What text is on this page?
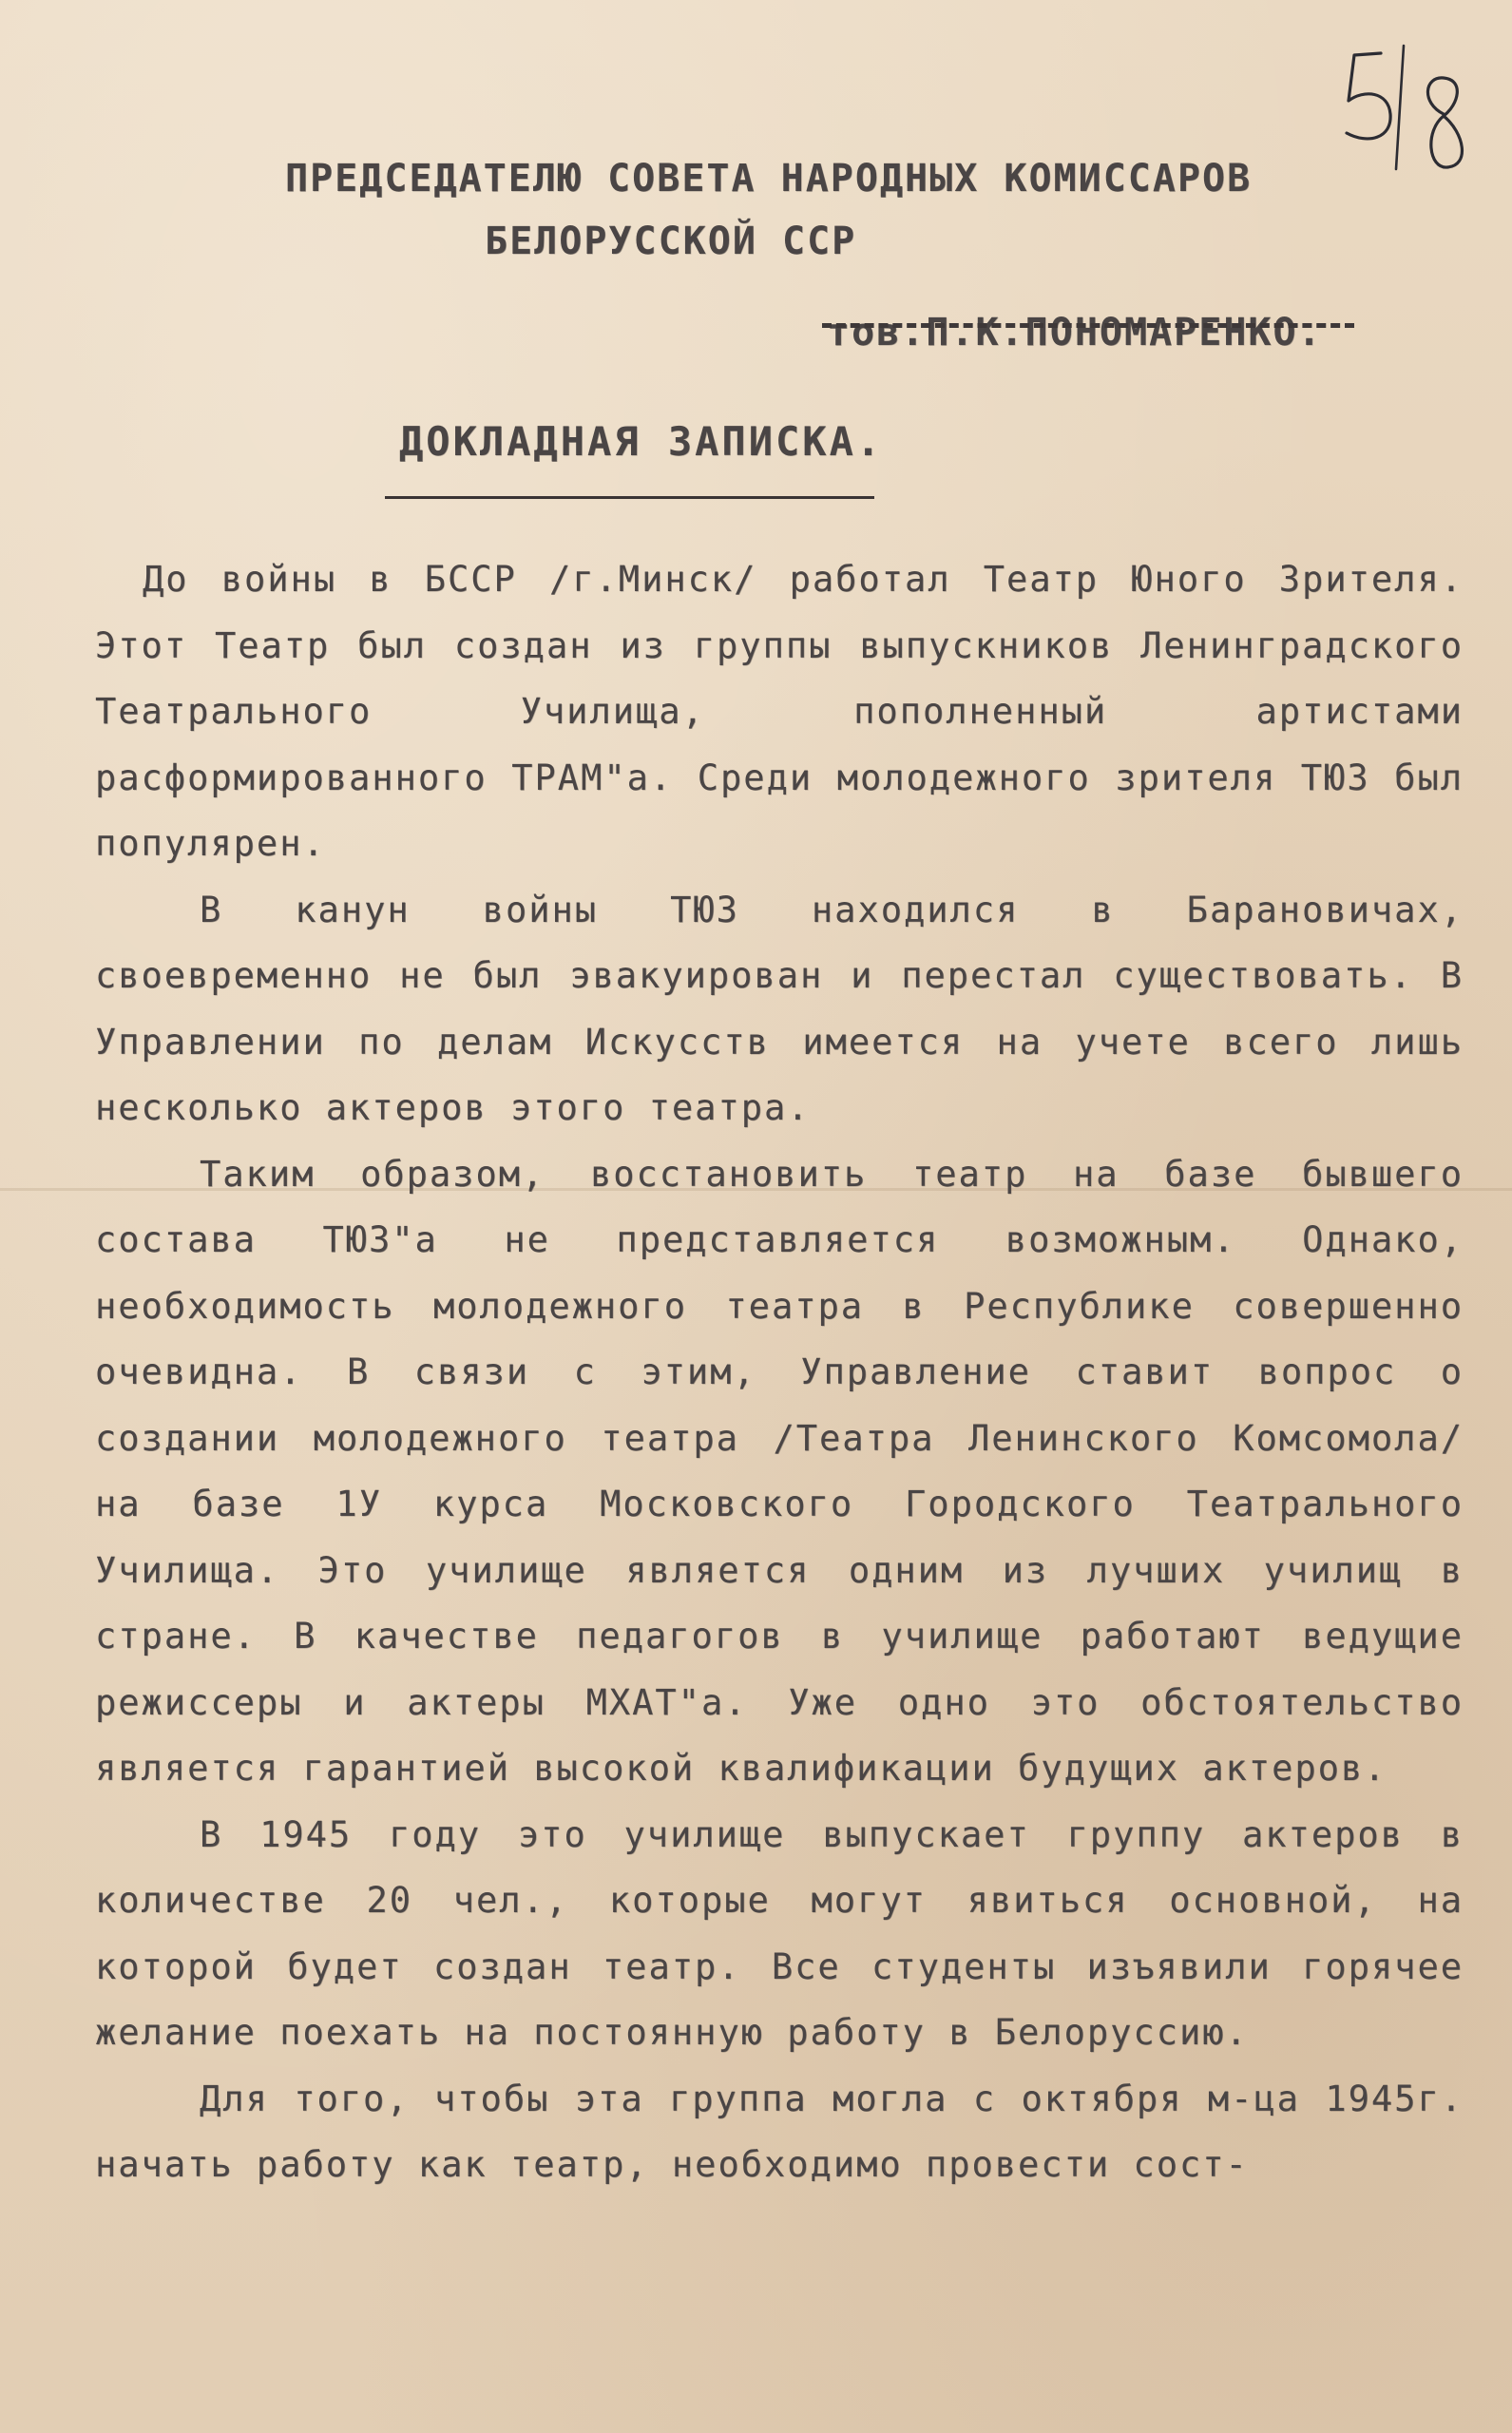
ПРЕДСЕДАТЕЛЮ СОВЕТА НАРОДНЫХ КОМИССАРОВ
БЕЛОРУССКОЙ ССР
тов.П.К.ПОНОМАРЕНКО.
ДОКЛАДНАЯ ЗАПИСКА.

До войны в БССР /г.Минск/ работал Театр Юного Зрителя. Этот Театр был создан из группы выпускников Ленинградского Театрального Училища, пополненный артистами расформированного ТРАМ"а. Среди молодежного зрителя ТЮЗ был популярен.

В канун войны ТЮЗ находился в Барановичах, своевременно не был эвакуирован и перестал существовать. В Управлении по делам Искусств имеется на учете всего лишь несколько актеров этого театра.

Таким образом, восстановить театр на базе бывшего состава ТЮЗ"а не представляется возможным. Однако, необходимость молодежного театра в Республике совершенно очевидна. В связи с этим, Управление ставит вопрос о создании молодежного театра /Театра Ленинского Комсомола/ на базе 1У курса Московского Городского Театрального Училища. Это училище является одним из лучших училищ в стране. В качестве педагогов в училище работают ведущие режиссеры и актеры МХАТ"а. Уже одно это обстоятельство является гарантией высокой квалификации будущих актеров.

В 1945 году это училище выпускает группу актеров в количестве 20 чел., которые могут явиться основной, на которой будет создан театр. Все студенты изъявили горячее желание поехать на постоянную работу в Белоруссию.

Для того, чтобы эта группа могла с октября м-ца 1945г. начать работу как театр, необходимо провести сост-
